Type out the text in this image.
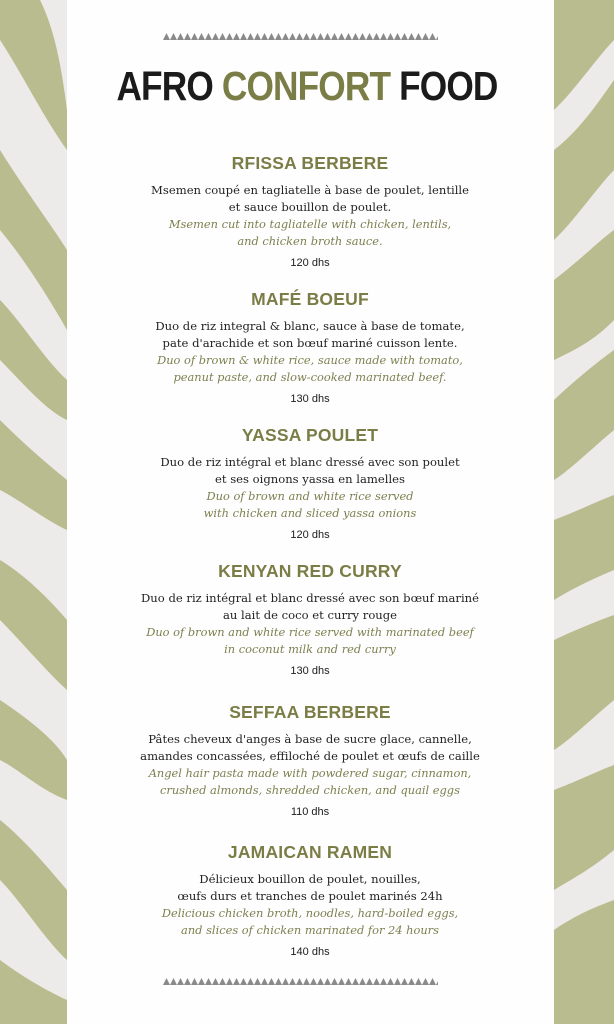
AFRO CONFORT FOOD
RFISSA BERBERE
Msemen coupé en tagliatelle à base de poulet, lentille
et sauce bouillon de poulet.
Msemen cut into tagliatelle with chicken, lentils,
and chicken broth sauce.
120 dhs
MAFÉ BOEUF
Duo de riz integral & blanc, sauce à base de tomate,
pate d'arachide et son bœuf mariné cuisson lente.
Duo of brown & white rice, sauce made with tomato,
peanut paste, and slow-cooked marinated beef.
130 dhs
YASSA POULET
Duo de riz intégral et blanc dressé avec son poulet
et ses oignons yassa en lamelles
Duo of brown and white rice served
with chicken and sliced yassa onions
120 dhs
KENYAN RED CURRY
Duo de riz intégral et blanc dressé avec son bœuf mariné
au lait de coco et curry rouge
Duo of brown and white rice served with marinated beef
in coconut milk and red curry
130 dhs
SEFFAA BERBERE
Pâtes cheveux d'anges à base de sucre glace, cannelle,
amandes concassées, effiloché de poulet et œufs de caille
Angel hair pasta made with powdered sugar, cinnamon,
crushed almonds, shredded chicken, and quail eggs
110 dhs
JAMAICAN RAMEN
Délicieux bouillon de poulet, nouilles,
œufs durs et tranches de poulet marinés 24h
Delicious chicken broth, noodles, hard-boiled eggs,
and slices of chicken marinated for 24 hours
140 dhs
